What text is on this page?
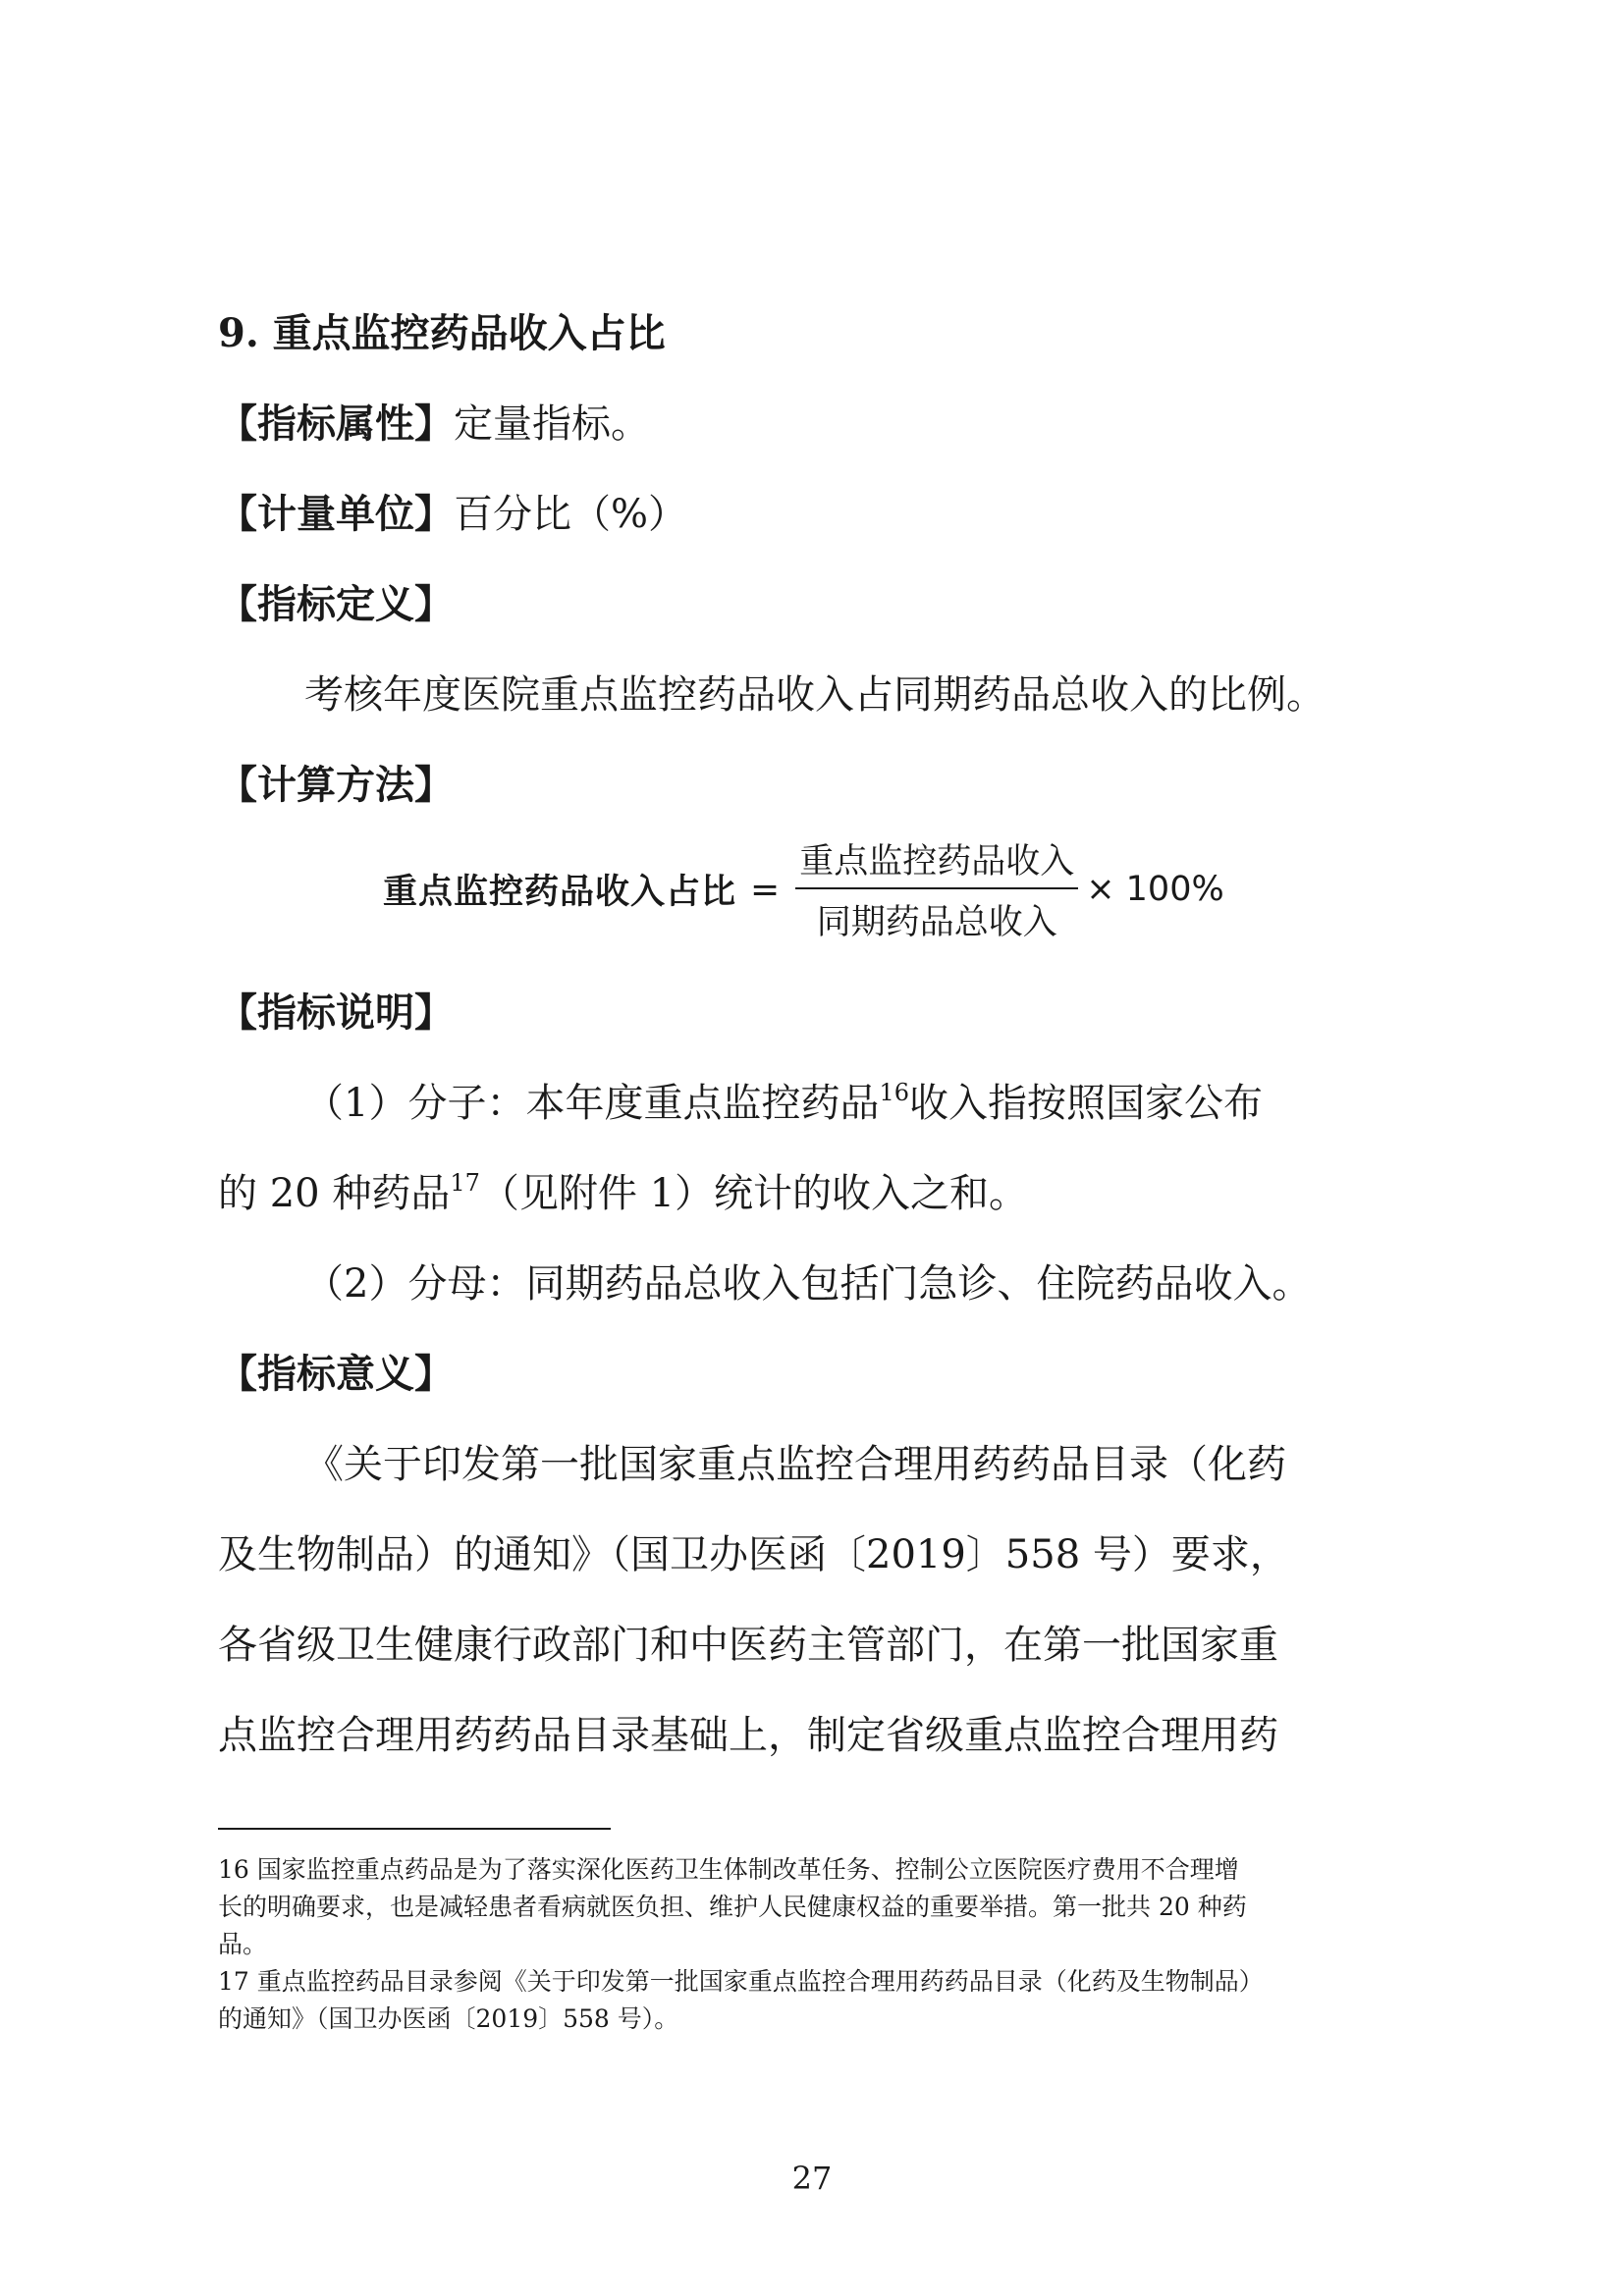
9. 重点监控药品收入占比
【指标属性】定量指标。
【计量单位】百分比（%）
【指标定义】
考核年度医院重点监控药品收入占同期药品总收入的比例。
【计算方法】
重点监控药品收入占比 = $\frac{\text{重点监控药品收入}}{\text{同期药品总收入}} \times 100\%$
【指标说明】
（1）分子：本年度重点监控药品$^{16}$收入指按照国家公布
的 20 种药品$^{17}$（见附件 1）统计的收入之和。
（2）分母：同期药品总收入包括门急诊、住院药品收入。
【指标意义】
《关于印发第一批国家重点监控合理用药药品目录（化药
及生物制品）的通知》（国卫办医函〔2019〕558 号）要求，
各省级卫生健康行政部门和中医药主管部门，在第一批国家重
点监控合理用药药品目录基础上，制定省级重点监控合理用药
16 国家监控重点药品是为了落实深化医药卫生体制改革任务、控制公立医院医疗费用不合理增
长的明确要求，也是减轻患者看病就医负担、维护人民健康权益的重要举措。第一批共 20 种药
品。
17 重点监控药品目录参阅《关于印发第一批国家重点监控合理用药药品目录（化药及生物制品）
的通知》（国卫办医函〔2019〕558 号）。
27
